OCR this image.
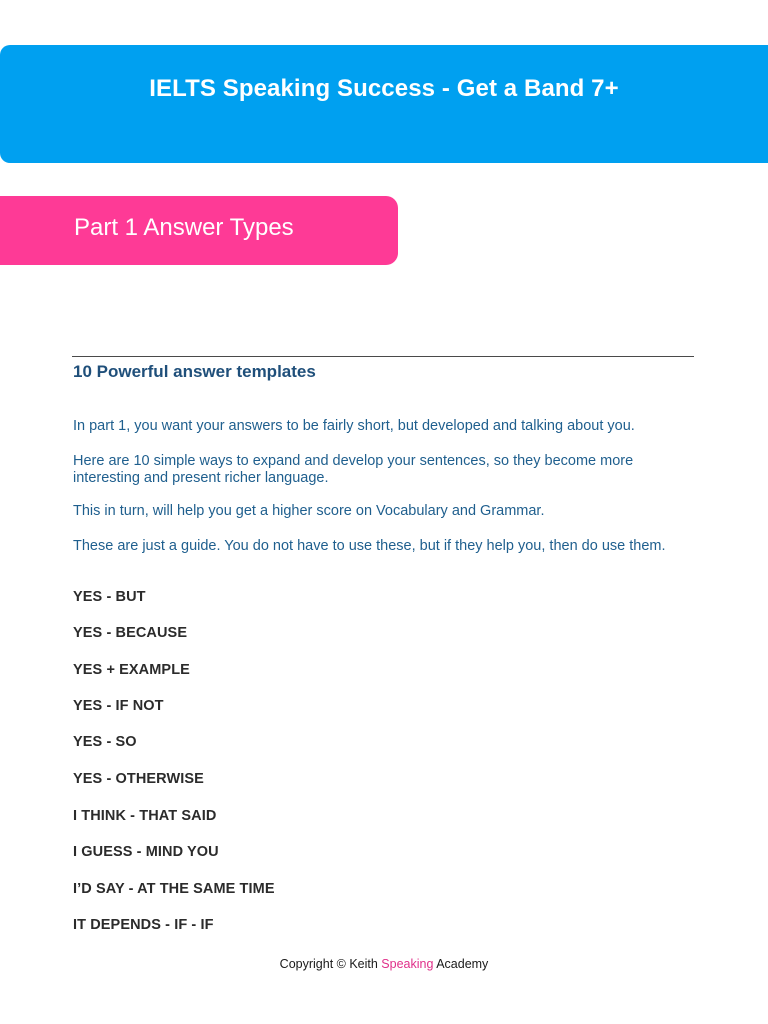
IELTS Speaking Success - Get a Band 7+
Part 1 Answer Types
10 Powerful answer templates
In part 1, you want your answers to be fairly short, but developed and talking about you.
Here are 10 simple ways to expand and develop your sentences, so they become more interesting and present richer language.
This in turn, will help you get a higher score on Vocabulary and Grammar.
These are just a guide. You do not have to use these, but if they help you, then do use them.
YES - BUT
YES - BECAUSE
YES + EXAMPLE
YES - IF NOT
YES - SO
YES - OTHERWISE
I THINK - THAT SAID
I GUESS - MIND YOU
I’D SAY - AT THE SAME TIME
IT DEPENDS - IF - IF
Copyright © Keith Speaking Academy
